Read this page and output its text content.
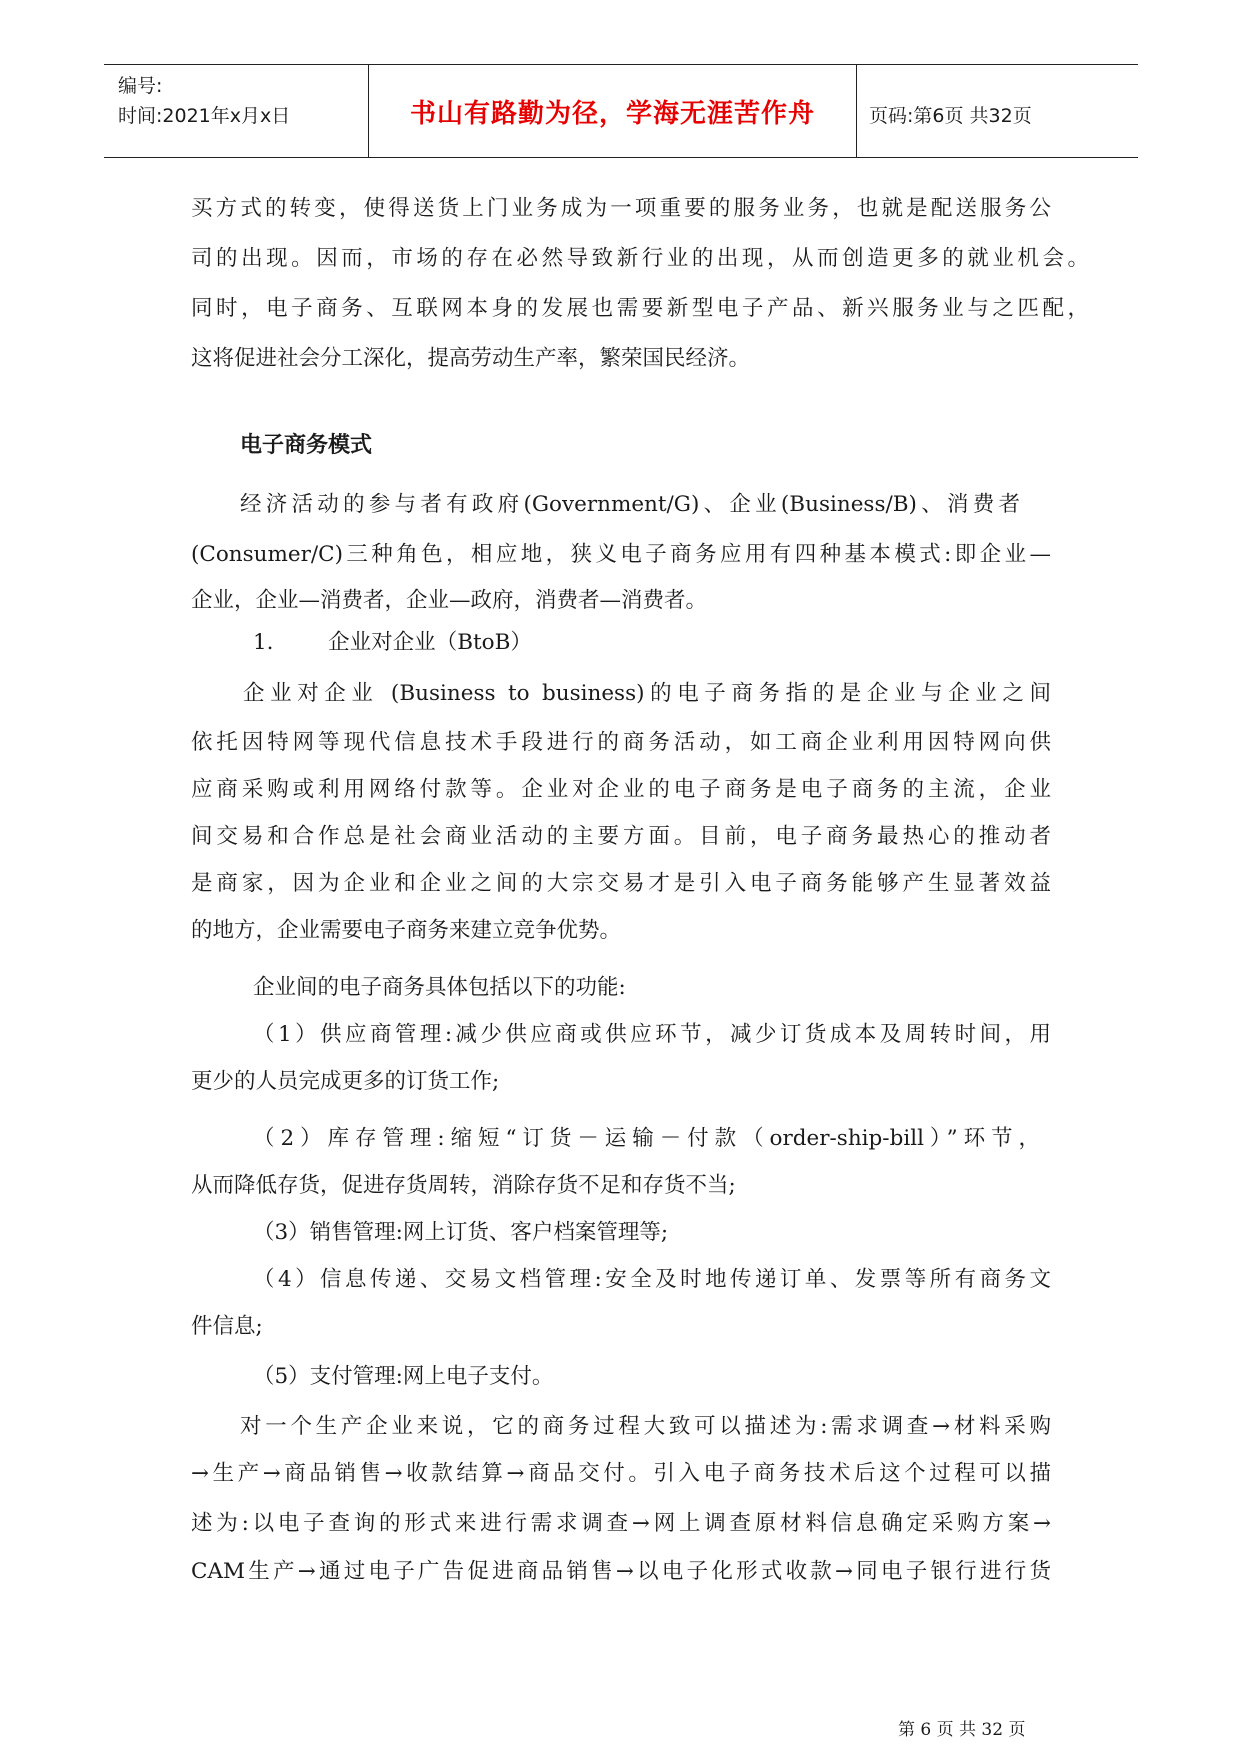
编号:
时间:2021年x月x日	书山有路勤为径，学海无涯苦作舟	页码:第6页 共32页
买方式的转变，使得送货上门业务成为一项重要的服务业务，也就是配送服务公
司的出现。因而，市场的存在必然导致新行业的出现，从而创造更多的就业机会。
同时，电子商务、互联网本身的发展也需要新型电子产品、新兴服务业与之匹配，
这将促进社会分工深化，提高劳动生产率，繁荣国民经济。
电子商务模式
经济活动的参与者有政府(Government/G)、企业(Business/B)、消费者
(Consumer/C)三种角色，相应地，狭义电子商务应用有四种基本模式:即企业—
企业，企业—消费者，企业—政府，消费者—消费者。
1.        企业对企业（BtoB）
企业对企业 (Business to business)的电子商务指的是企业与企业之间
依托因特网等现代信息技术手段进行的商务活动，如工商企业利用因特网向供
应商采购或利用网络付款等。企业对企业的电子商务是电子商务的主流，企业
间交易和合作总是社会商业活动的主要方面。目前，电子商务最热心的推动者
是商家，因为企业和企业之间的大宗交易才是引入电子商务能够产生显著效益
的地方，企业需要电子商务来建立竞争优势。
企业间的电子商务具体包括以下的功能:
（1）供应商管理:减少供应商或供应环节，减少订货成本及周转时间，用
更少的人员完成更多的订货工作;
（2）库存管理:缩短“订货－运输－付款（order-ship-bill）”环节，
从而降低存货，促进存货周转，消除存货不足和存货不当;
（3）销售管理:网上订货、客户档案管理等;
（4）信息传递、交易文档管理:安全及时地传递订单、发票等所有商务文
件信息;
（5）支付管理:网上电子支付。
对一个生产企业来说，它的商务过程大致可以描述为:需求调查→材料采购
→生产→商品销售→收款结算→商品交付。引入电子商务技术后这个过程可以描
述为:以电子查询的形式来进行需求调查→网上调查原材料信息确定采购方案→
CAM生产→通过电子广告促进商品销售→以电子化形式收款→同电子银行进行货
第 6 页 共 32 页
